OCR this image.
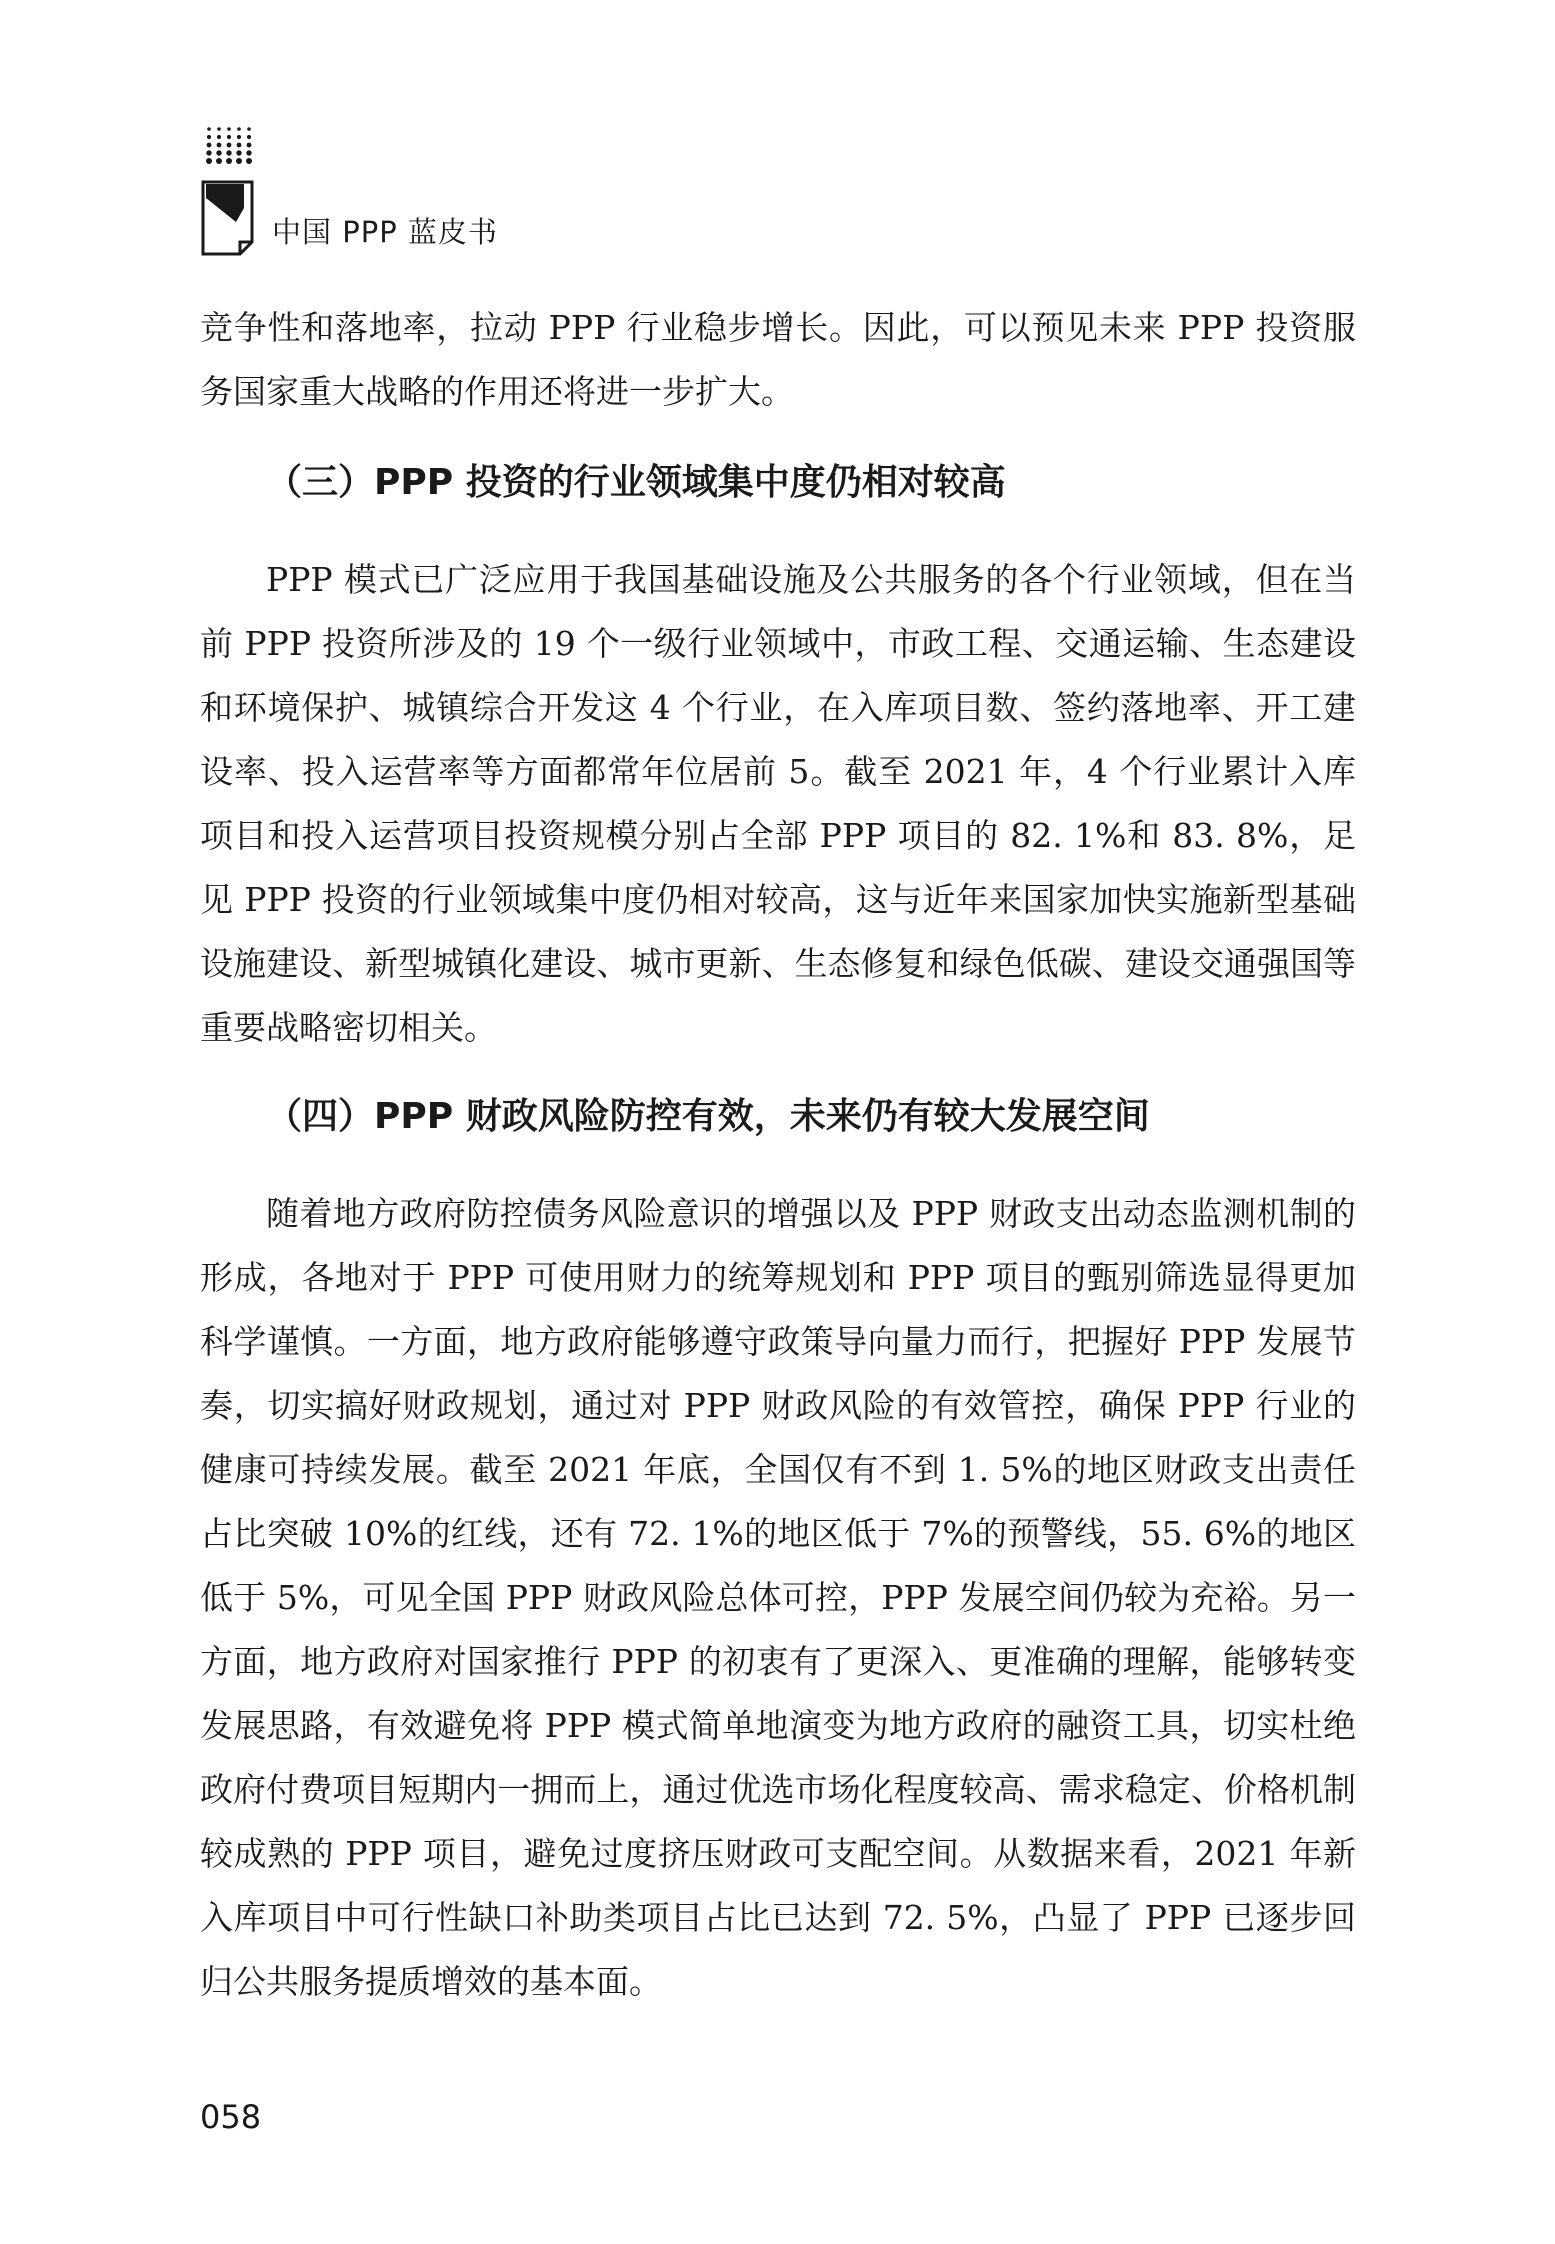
中国 PPP 蓝皮书

竞争性和落地率，拉动 PPP 行业稳步增长。因此，可以预见未来 PPP 投资服务国家重大战略的作用还将进一步扩大。

（三）PPP 投资的行业领域集中度仍相对较高

PPP 模式已广泛应用于我国基础设施及公共服务的各个行业领域，但在当前 PPP 投资所涉及的 19 个一级行业领域中，市政工程、交通运输、生态建设和环境保护、城镇综合开发这 4 个行业，在入库项目数、签约落地率、开工建设率、投入运营率等方面都常年位居前 5。截至 2021 年，4 个行业累计入库项目和投入运营项目投资规模分别占全部 PPP 项目的 82. 1%和 83. 8%，足见 PPP 投资的行业领域集中度仍相对较高，这与近年来国家加快实施新型基础设施建设、新型城镇化建设、城市更新、生态修复和绿色低碳、建设交通强国等重要战略密切相关。

（四）PPP 财政风险防控有效，未来仍有较大发展空间

随着地方政府防控债务风险意识的增强以及 PPP 财政支出动态监测机制的形成，各地对于 PPP 可使用财力的统筹规划和 PPP 项目的甄别筛选显得更加科学谨慎。一方面，地方政府能够遵守政策导向量力而行，把握好 PPP 发展节奏，切实搞好财政规划，通过对 PPP 财政风险的有效管控，确保 PPP 行业的健康可持续发展。截至 2021 年底，全国仅有不到 1. 5%的地区财政支出责任占比突破 10%的红线，还有 72. 1%的地区低于 7%的预警线，55. 6%的地区低于 5%，可见全国 PPP 财政风险总体可控，PPP 发展空间仍较为充裕。另一方面，地方政府对国家推行 PPP 的初衷有了更深入、更准确的理解，能够转变发展思路，有效避免将 PPP 模式简单地演变为地方政府的融资工具，切实杜绝政府付费项目短期内一拥而上，通过优选市场化程度较高、需求稳定、价格机制较成熟的 PPP 项目，避免过度挤压财政可支配空间。从数据来看，2021 年新入库项目中可行性缺口补助类项目占比已达到 72. 5%，凸显了 PPP 已逐步回归公共服务提质增效的基本面。

058
